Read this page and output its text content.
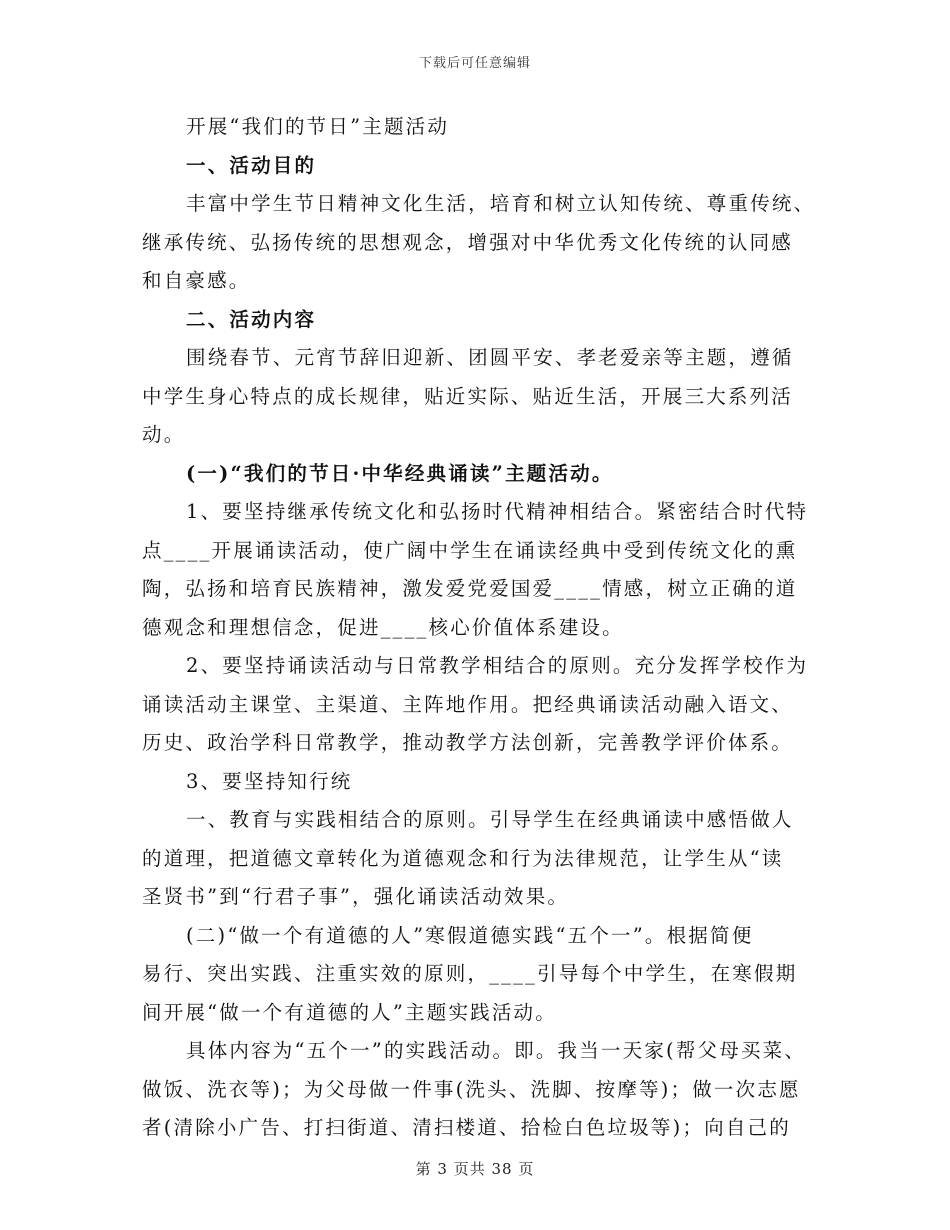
下载后可任意编辑
开展“我们的节日”主题活动
一、活动目的
丰富中学生节日精神文化生活，培育和树立认知传统、尊重传统、
继承传统、弘扬传统的思想观念，增强对中华优秀文化传统的认同感
和自豪感。
二、活动内容
围绕春节、元宵节辞旧迎新、团圆平安、孝老爱亲等主题，遵循
中学生身心特点的成长规律，贴近实际、贴近生活，开展三大系列活
动。
(一)“我们的节日·中华经典诵读”主题活动。
1、要坚持继承传统文化和弘扬时代精神相结合。紧密结合时代特
点____开展诵读活动，使广阔中学生在诵读经典中受到传统文化的熏
陶，弘扬和培育民族精神，激发爱党爱国爱____情感，树立正确的道
德观念和理想信念，促进____核心价值体系建设。
2、要坚持诵读活动与日常教学相结合的原则。充分发挥学校作为
诵读活动主课堂、主渠道、主阵地作用。把经典诵读活动融入语文、
历史、政治学科日常教学，推动教学方法创新，完善教学评价体系。
3、要坚持知行统
一、教育与实践相结合的原则。引导学生在经典诵读中感悟做人
的道理，把道德文章转化为道德观念和行为法律规范，让学生从“读
圣贤书”到“行君子事”，强化诵读活动效果。
(二)“做一个有道德的人”寒假道德实践“五个一”。根据简便
易行、突出实践、注重实效的原则，____引导每个中学生，在寒假期
间开展“做一个有道德的人”主题实践活动。
具体内容为“五个一”的实践活动。即。我当一天家(帮父母买菜、
做饭、洗衣等)；为父母做一件事(洗头、洗脚、按摩等)；做一次志愿
者(清除小广告、打扫街道、清扫楼道、拾检白色垃圾等)；向自己的
第 3 页共 38 页
